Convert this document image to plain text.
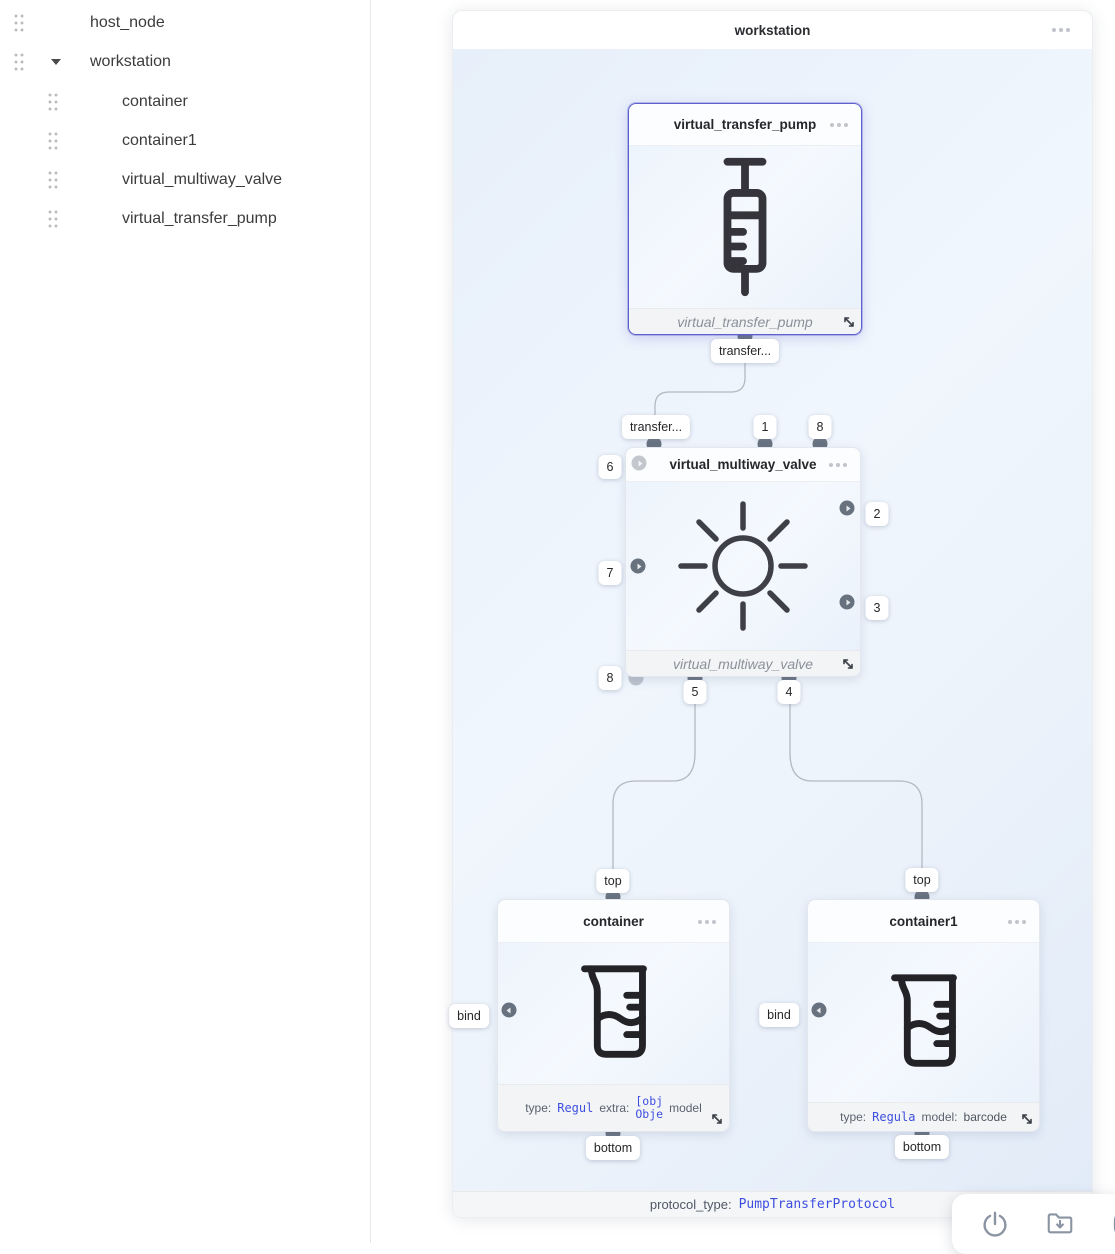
host_node
workstation
container
container1
virtual_multiway_valve
virtual_transfer_pump
workstation
protocol_type: PumpTransferProtocol
virtual_transfer_pump
virtual_transfer_pump
virtual_multiway_valve
virtual_multiway_valve
container
type: Regul extra:
[obj
Obje model
container1
type: Regula model: barcode
transfer...
transfer...	1	8
6
7
2
3
8
5	4
top
bind
bottom
top
bind
bottom
